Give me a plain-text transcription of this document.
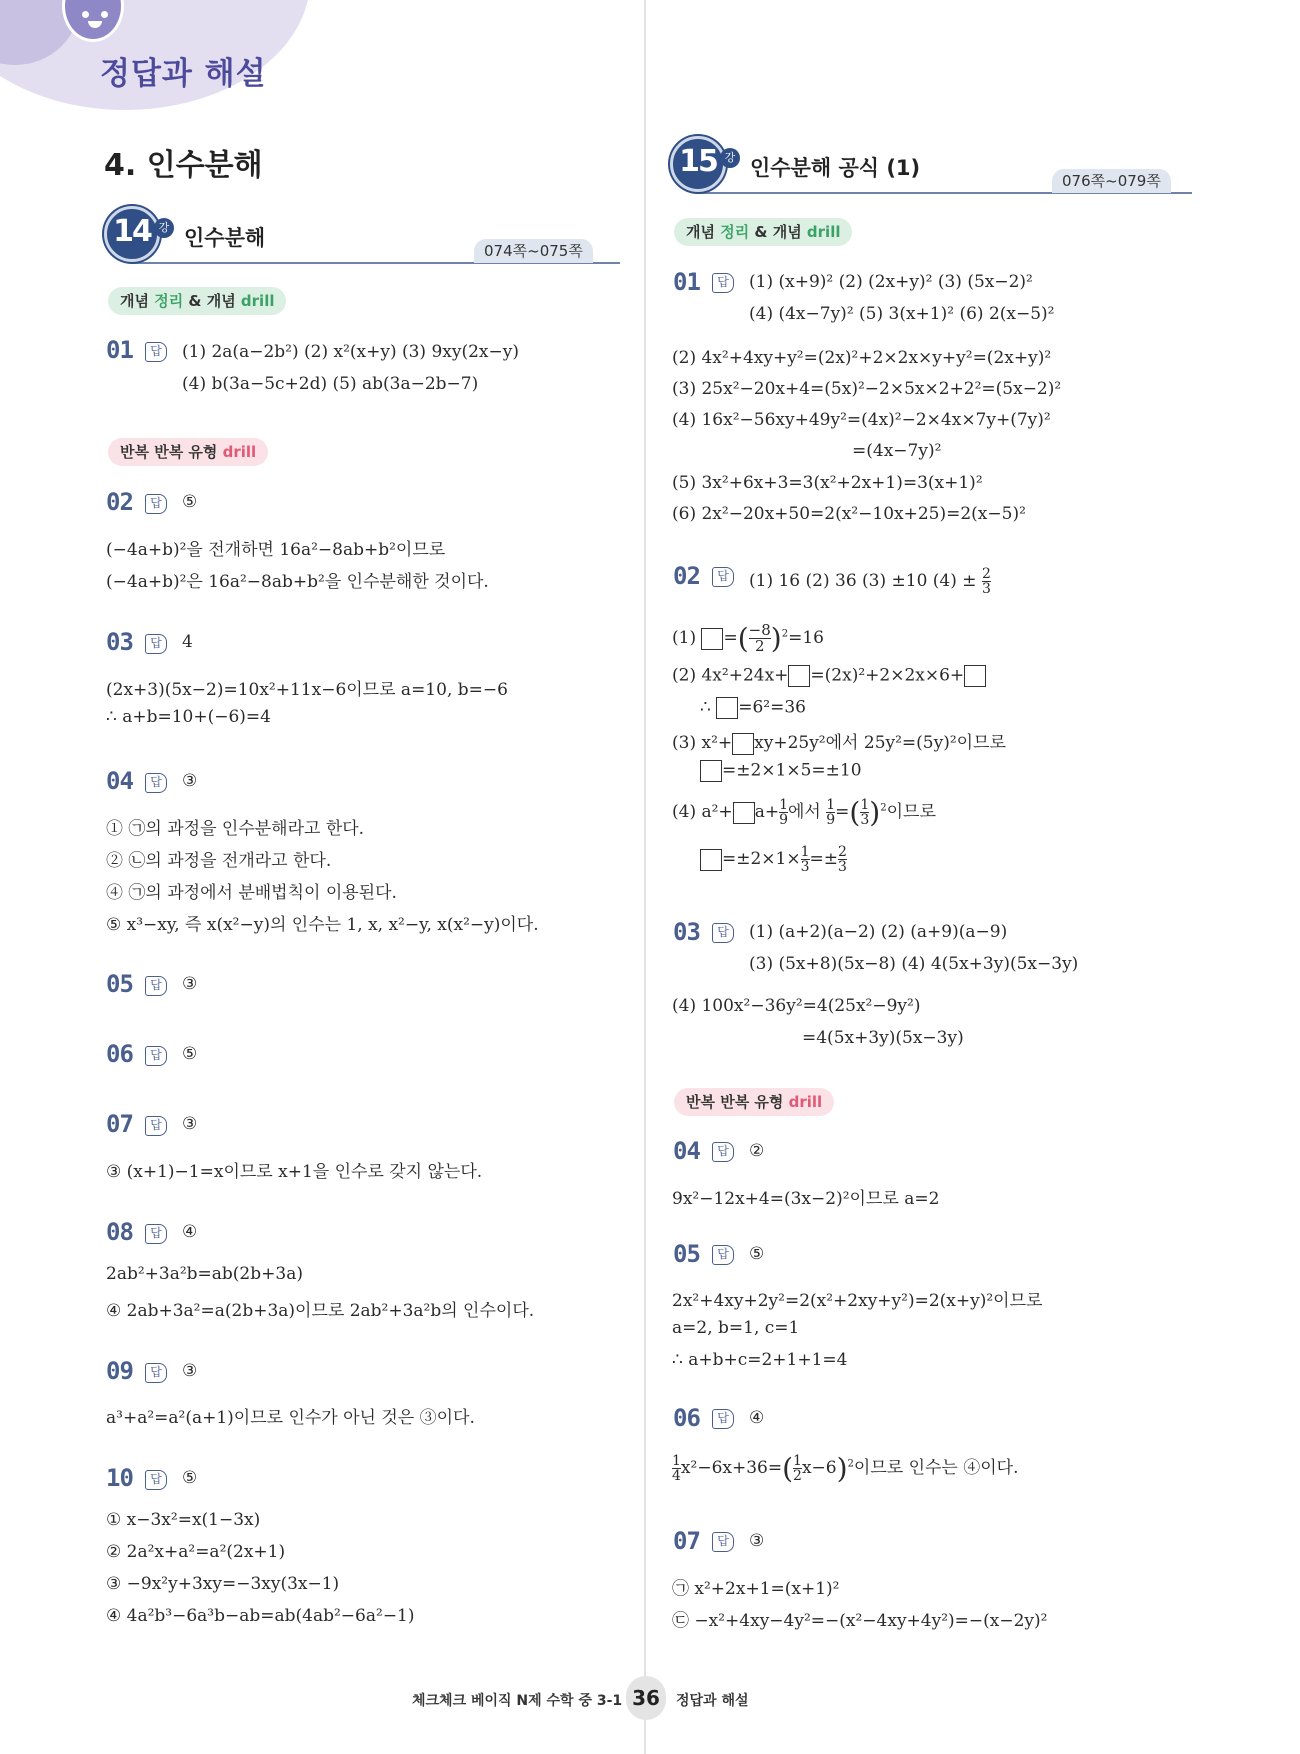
정답과 해설
4. 인수분해
074쪽~075쪽
14 강 인수분해
개념 정리 & 개념 drill
01	답	(1) 2a(a−2b²) (2) x²(x+y) (3) 9xy(2x−y)
(4) b(3a−5c+2d) (5) ab(3a−2b−7)
반복 반복 유형 drill
02	답	⑤
(−4a+b)²을 전개하면 16a²−8ab+b²이므로
(−4a+b)²은 16a²−8ab+b²을 인수분해한 것이다.
03	답	4
(2x+3)(5x−2)=10x²+11x−6이므로 a=10, b=−6
∴ a+b=10+(−6)=4
04	답	③
① ㉠의 과정을 인수분해라고 한다.
② ㉡의 과정을 전개라고 한다.
④ ㉠의 과정에서 분배법칙이 이용된다.
⑤ x³−xy, 즉 x(x²−y)의 인수는 1, x, x²−y, x(x²−y)이다.
05	답	③
06	답	⑤
07	답	③
③ (x+1)−1=x이므로 x+1을 인수로 갖지 않는다.
08	답	④
2ab²+3a²b=ab(2b+3a)
④ 2ab+3a²=a(2b+3a)이므로 2ab²+3a²b의 인수이다.
09	답	③
a³+a²=a²(a+1)이므로 인수가 아닌 것은 ③이다.
10	답	⑤
① x−3x²=x(1−3x)
② 2a²x+a²=a²(2x+1)
③ −9x²y+3xy=−3xy(3x−1)
④ 4a²b³−6a³b−ab=ab(4ab²−6a²−1)
076쪽~079쪽
15 강 인수분해 공식 (1)
개념 정리 & 개념 drill
01	답	(1) (x+9)² (2) (2x+y)² (3) (5x−2)²
(4) (4x−7y)² (5) 3(x+1)² (6) 2(x−5)²
(2) 4x²+4xy+y²=(2x)²+2×2x×y+y²=(2x+y)²
(3) 25x²−20x+4=(5x)²−2×5x×2+2²=(5x−2)²
(4) 16x²−56xy+49y²=(4x)²−2×4x×7y+(7y)²
=(4x−7y)²
(5) 3x²+6x+3=3(x²+2x+1)=3(x+1)²
(6) 2x²−20x+50=2(x²−10x+25)=2(x−5)²
02	답	(1) 16 (2) 36 (3) ±10 $(4) \pm \frac{2}{3}$
(1) =( $\frac{-8}{2} )^2=16$
(2) 4x²+24x+ =(2x)²+2×2x×6+
∴ =6²=36
(3) x²+ xy+25y²에서 25y²=(5y)²이므로
=±2×1×5=±10
(4) $a^2+ a+ \frac{1}{9}$ 에서 $\frac{1}{9}$ =( $\frac{1}{3} )^2$이므로
$=\pm 2\times 1\times \frac{1}{3} =\pm \frac{2}{3}$
03	답	(1) (a+2)(a−2) (2) (a+9)(a−9)
(3) (5x+8)(5x−8) (4) 4(5x+3y)(5x−3y)
(4) 100x²−36y²=4(25x²−9y²)
=4(5x+3y)(5x−3y)
반복 반복 유형 drill
04	답	②
9x²−12x+4=(3x−2)²이므로 a=2
05	답	⑤
2x²+4xy+2y²=2(x²+2xy+y²)=2(x+y)²이므로
a=2, b=1, c=1
∴ a+b+c=2+1+1=4
06	답	④
$\frac{1}{4} x^2-6x+36=( \frac{1}{2} x-6)^2$이므로 인수는 ④이다.
07	답	③
㉠ x²+2x+1=(x+1)²
㉢ −x²+4xy−4y²=−(x²−4xy+4y²)=−(x−2y)²
체크체크 베이직 N제 수학 중 3-1 36	정답과 해설
